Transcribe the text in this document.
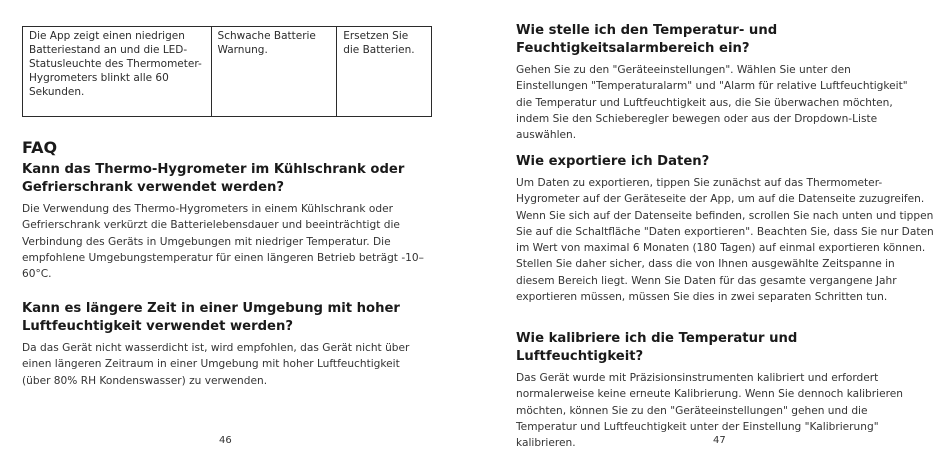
Die App zeigt einen niedrigen Batteriestand an und die LED-Statusleuchte des Thermometer-Hygrometers blinkt alle 60 Sekunden.	Schwache Batterie Warnung.	Ersetzen Sie die Batterien.
FAQ
Kann das Thermo-Hygrometer im Kühlschrank oder Gefrierschrank verwendet werden?

Die Verwendung des Thermo-Hygrometers in einem Kühlschrank oder Gefrierschrank verkürzt die Batterielebensdauer und beeinträchtigt die Verbindung des Geräts in Umgebungen mit niedriger Temperatur. Die empfohlene Umgebungstemperatur für einen längeren Betrieb beträgt -10–60°C.

Kann es längere Zeit in einer Umgebung mit hoher Luftfeuchtigkeit verwendet werden?

Da das Gerät nicht wasserdicht ist, wird empfohlen, das Gerät nicht über einen längeren Zeitraum in einer Umgebung mit hoher Luftfeuchtigkeit (über 80% RH Kondenswasser) zu verwenden.

46
Wie stelle ich den Temperatur- und Feuchtigkeitsalarmbereich ein?

Gehen Sie zu den "Geräteeinstellungen". Wählen Sie unter den Einstellungen "Temperaturalarm" und "Alarm für relative Luftfeuchtigkeit" die Temperatur und Luftfeuchtigkeit aus, die Sie überwachen möchten, indem Sie den Schieberegler bewegen oder aus der Dropdown-Liste auswählen.

Wie exportiere ich Daten?

Um Daten zu exportieren, tippen Sie zunächst auf das Thermometer-Hygrometer auf der Geräteseite der App, um auf die Datenseite zuzugreifen. Wenn Sie sich auf der Datenseite befinden, scrollen Sie nach unten und tippen Sie auf die Schaltfläche "Daten exportieren". Beachten Sie, dass Sie nur Daten im Wert von maximal 6 Monaten (180 Tagen) auf einmal exportieren können. Stellen Sie daher sicher, dass die von Ihnen ausgewählte Zeitspanne in diesem Bereich liegt. Wenn Sie Daten für das gesamte vergangene Jahr exportieren müssen, müssen Sie dies in zwei separaten Schritten tun.

Wie kalibriere ich die Temperatur und Luftfeuchtigkeit?

Das Gerät wurde mit Präzisionsinstrumenten kalibriert und erfordert normalerweise keine erneute Kalibrierung. Wenn Sie dennoch kalibrieren möchten, können Sie zu den "Geräteeinstellungen" gehen und die Temperatur und Luftfeuchtigkeit unter der Einstellung "Kalibrierung" kalibrieren.	47
